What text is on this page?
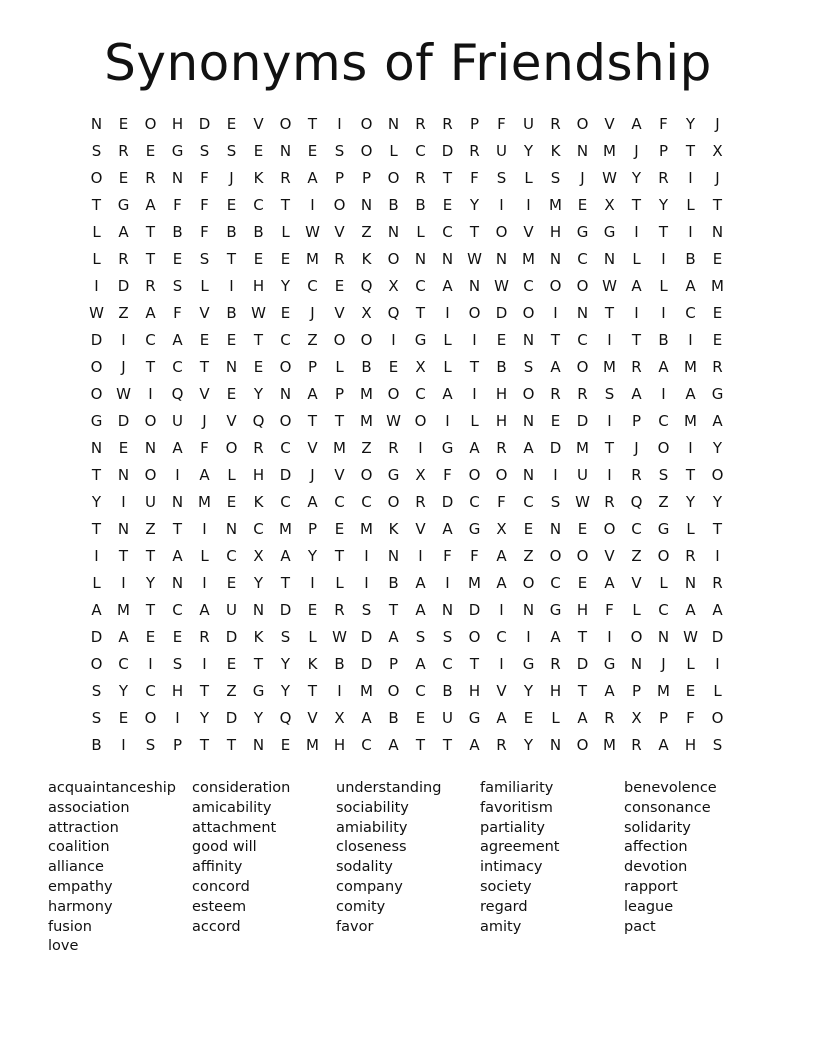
Synonyms of Friendship
N	E	O	H	D	E	V	O	T	I	O	N	R	R	P	F	U	R	O	V	A	F	Y	J
S	R	E	G	S	S	E	N	E	S	O	L	C	D	R	U	Y	K	N M	J	P	T	X
O	E	R	N	F	J	K	R	A	P	P	O	R	T	F	S	L	S	J	W Y	R	I	J
T	G	A	F	F	E	C	T	I	O	N	B	B	E	Y	I	I	M	E	X	T	Y	L	T
L	A	T	B	F	B	B	L	W V	Z	N	L	C	T	O	V	H	G	G	I	T	I	N
L	R	T	E	S	T	E	E	M	R	K	O	N	N W N M N	C	N	L	I	B	E
I	D	R	S	L	I	H	Y	C	E	Q	X	C	A	N W C	O	O W A	L	A	M
W Z	A	F	V	B W E	J	V	X	Q	T	I	O	D	O	I	N	T	I	I	C	E
D	I	C	A	E	E	T	C	Z	O	O	I	G	L	I	E	N	T	C	I	T	B	I	E
O	J	T	C	T	N	E	O	P	L	B	E	X	L	T	B	S	A	O M	R	A	M	R
O W	I	Q	V	E	Y	N	A	P	M O	C	A	I	H	O	R	R	S	A	I	A	G
G	D	O	U	J	V	Q	O	T	T	M W O	I	L	H	N	E	D	I	P	C	M	A
N	E	N	A	F	O	R	C	V	M	Z	R	I	G	A	R	A	D M	T	J	O	I	Y
T	N	O	I	A	L	H	D	J	V	O	G	X	F	O	O	N	I	U	I	R	S	T	O
Y	I	U	N M	E	K	C	A	C	C	O	R	D	C	F	C	S W R	Q	Z	Y	Y
T	N	Z	T	I	N	C	M	P	E	M	K	V	A	G	X	E	N	E	O	C	G	L	T
I	T	T	A	L	C	X	A	Y	T	I	N	I	F	F	A	Z	O	O	V	Z	O	R	I
L	I	Y	N	I	E	Y	T	I	L	I	B	A	I	M	A	O	C	E	A	V	L	N	R
A	M	T	C	A	U	N	D	E	R	S	T	A	N	D	I	N	G	H	F	L	C	A	A
D	A	E	E	R	D	K	S	L	W D	A	S	S	O	C	I	A	T	I	O	N W D
O	C	I	S	I	E	T	Y	K	B	D	P	A	C	T	I	G	R	D	G	N	J	L	I
S	Y	C	H	T	Z	G	Y	T	I	M O	C	B	H	V	Y	H	T	A	P	M	E	L
S	E	O	I	Y	D	Y	Q	V	X	A	B	E	U	G	A	E	L	A	R	X	P	F	O
B	I	S	P	T	T	N	E	M H	C	A	T	T	A	R	Y	N	O M	R	A	H	S
acquaintanceship
association
attraction
coalition
alliance
empathy
harmony
fusion
love
consideration
amicability
attachment
good will
affinity
concord
esteem
accord
understanding
sociability
amiability
closeness
sodality
company
comity
favor
familiarity
favoritism
partiality
agreement
intimacy
society
regard
amity
benevolence
consonance
solidarity
affection
devotion
rapport
league
pact
